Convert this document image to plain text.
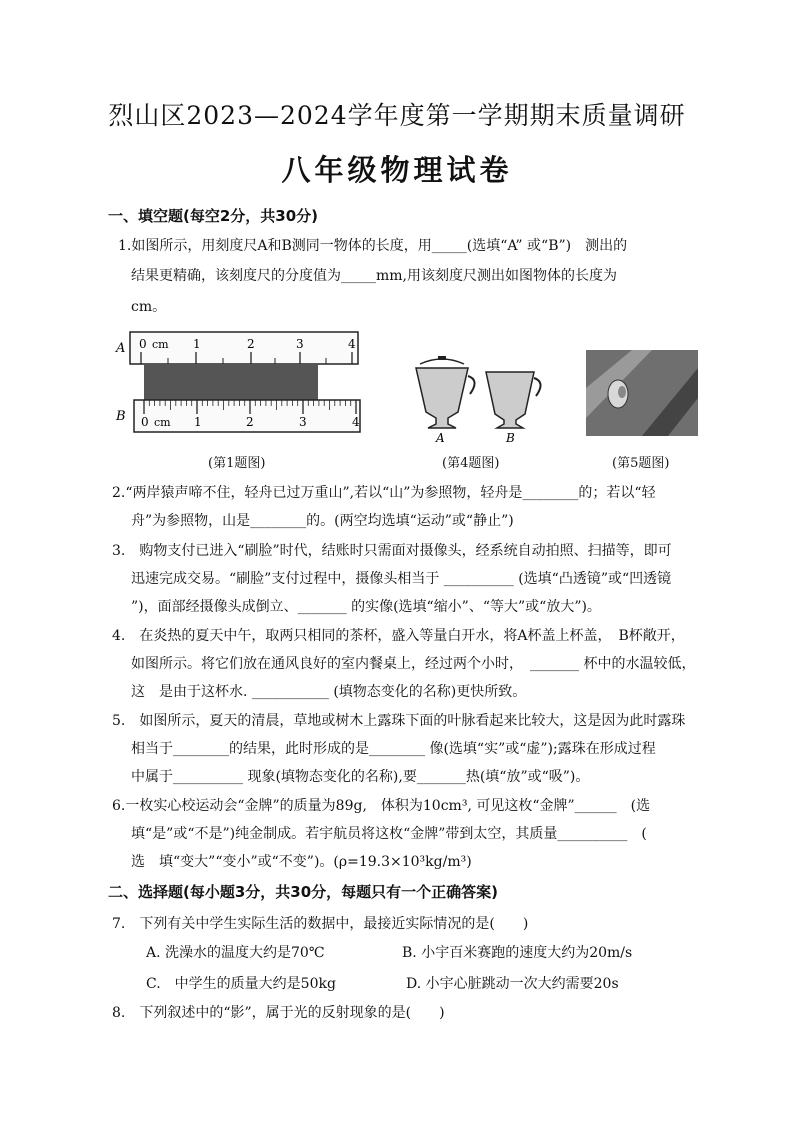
烈山区2023—2024学年度第一学期期末质量调研
八年级物理试卷
一、填空题(每空2分，共30分)
1.如图所示，用刻度尺A和B测同一物体的长度，用_____(选填“A” 或“B”)　测出的
结果更精确，该刻度尺的分度值为_____mm,用该刻度尺测出如图物体的长度为
cm。
0 cm 1	2	3	4
A
0 cm 1	2	3	4
B
A	B
(第1题图)	(第4题图)	(第5题图)
2.“两岸猿声啼不住，轻舟已过万重山”,若以“山”为参照物，轻舟是________的；若以“轻
舟”为参照物，山是________的。(两空均选填“运动”或“静止”)
3.　购物支付已进入“刷脸”时代，结账时只需面对摄像头，经系统自动拍照、扫描等，即可
迅速完成交易。“刷脸”支付过程中，摄像头相当于 __________ (选填“凸透镜”或“凹透镜
”)，面部经摄像头成倒立、_______ 的实像(选填“缩小”、“等大”或“放大”)。
4.　在炎热的夏天中午，取两只相同的茶杯，盛入等量白开水，将A杯盖上杯盖，　B杯敞开，
如图所示。将它们放在通风良好的室内餐桌上，经过两个小时，　_______ 杯中的水温较低，
这　是由于这杯水. ___________ (填物态变化的名称)更快所致。
5.　如图所示，夏天的清晨，草地或树木上露珠下面的叶脉看起来比较大，这是因为此时露珠
相当于________的结果，此时形成的是________ 像(选填“实”或“虚”);露珠在形成过程
中属于__________ 现象(填物态变化的名称),要_______热(填“放”或“吸”)。
6.一枚实心校运动会“金牌”的质量为89g,　体积为10cm³, 可见这枚“金牌”______　(选
填“是”或“不是”)纯金制成。若宇航员将这枚“金牌”带到太空，其质量__________　(
选　填“变大”“变小”或“不变”)。(ρ=19.3×10³kg/m³)
二、选择题(每小题3分，共30分，每题只有一个正确答案)
7.　下列有关中学生实际生活的数据中，最接近实际情况的是(　　)
A. 洗澡水的温度大约是70℃	B. 小宇百米赛跑的速度大约为20m/s
C.　中学生的质量大约是50kg	D. 小宇心脏跳动一次大约需要20s
8.　下列叙述中的“影”，属于光的反射现象的是(　　)
